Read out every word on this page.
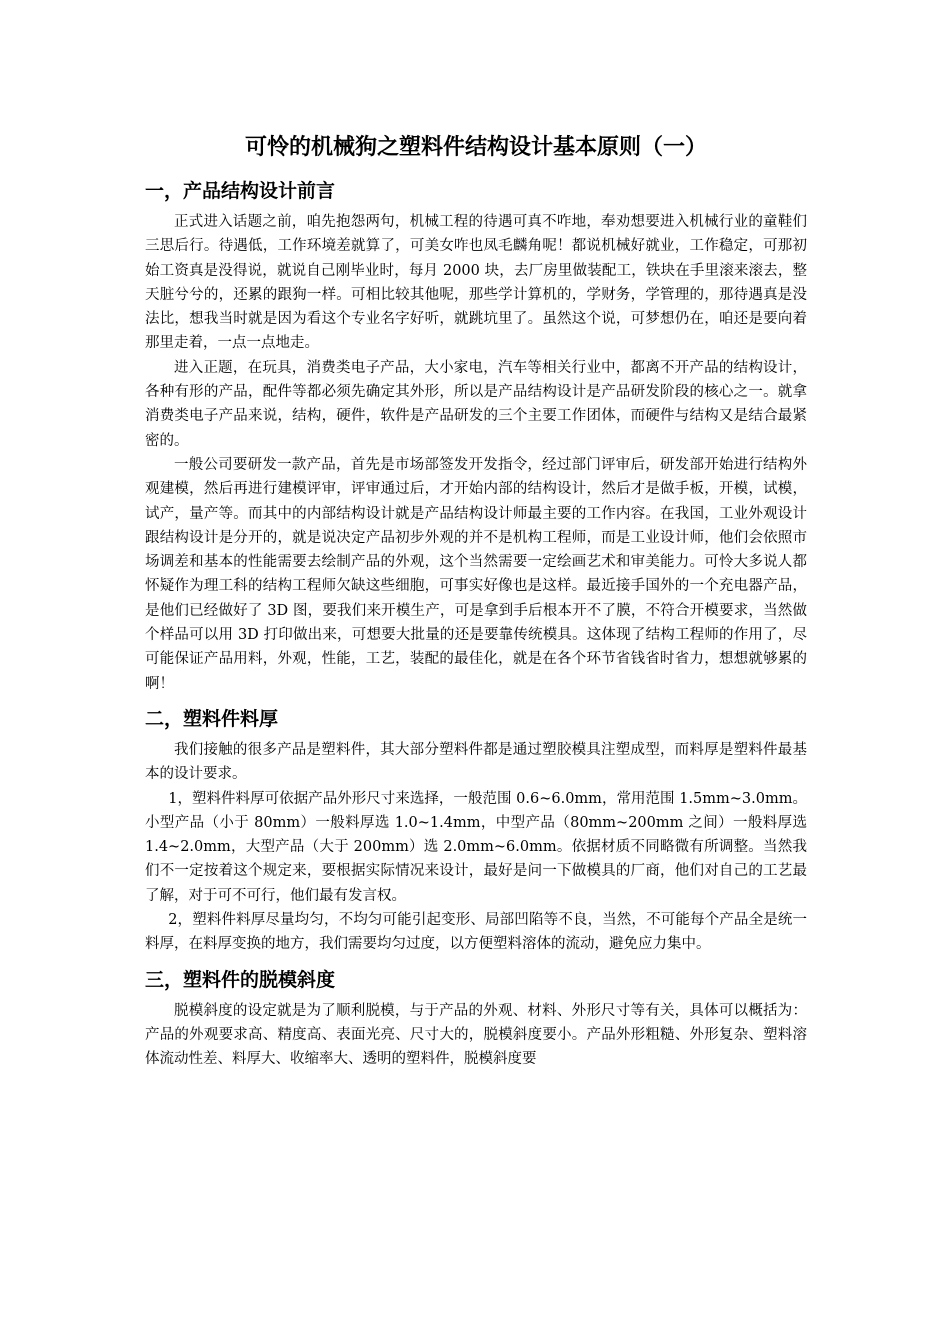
可怜的机械狗之塑料件结构设计基本原则（一）
一，产品结构设计前言

正式进入话题之前，咱先抱怨两句，机械工程的待遇可真不咋地，奉劝想要进入机械行业的童鞋们三思后行。待遇低，工作环境差就算了，可美女咋也凤毛麟角呢！都说机械好就业，工作稳定，可那初始工资真是没得说，就说自己刚毕业时，每月 2000 块，去厂房里做装配工，铁块在手里滚来滚去，整天脏兮兮的，还累的跟狗一样。可相比较其他呢，那些学计算机的，学财务，学管理的，那待遇真是没法比，想我当时就是因为看这个专业名字好听，就跳坑里了。虽然这个说，可梦想仍在，咱还是要向着那里走着，一点一点地走。

进入正题，在玩具，消费类电子产品，大小家电，汽车等相关行业中，都离不开产品的结构设计，各种有形的产品，配件等都必须先确定其外形，所以是产品结构设计是产品研发阶段的核心之一。就拿消费类电子产品来说，结构，硬件，软件是产品研发的三个主要工作团体，而硬件与结构又是结合最紧密的。

一般公司要研发一款产品，首先是市场部签发开发指令，经过部门评审后，研发部开始进行结构外观建模，然后再进行建模评审，评审通过后，才开始内部的结构设计，然后才是做手板，开模，试模，试产，量产等。而其中的内部结构设计就是产品结构设计师最主要的工作内容。在我国，工业外观设计跟结构设计是分开的，就是说决定产品初步外观的并不是机构工程师，而是工业设计师，他们会依照市场调差和基本的性能需要去绘制产品的外观，这个当然需要一定绘画艺术和审美能力。可怜大多说人都怀疑作为理工科的结构工程师欠缺这些细胞，可事实好像也是这样。最近接手国外的一个充电器产品，是他们已经做好了 3D 图，要我们来开模生产，可是拿到手后根本开不了膜，不符合开模要求，当然做个样品可以用 3D 打印做出来，可想要大批量的还是要靠传统模具。这体现了结构工程师的作用了，尽可能保证产品用料，外观，性能，工艺，装配的最佳化，就是在各个环节省钱省时省力，想想就够累的啊！

二，塑料件料厚

我们接触的很多产品是塑料件，其大部分塑料件都是通过塑胶模具注塑成型，而料厚是塑料件最基本的设计要求。

1，塑料件料厚可依据产品外形尺寸来选择，一般范围 0.6~6.0mm，常用范围 1.5mm~3.0mm。小型产品（小于 80mm）一般料厚选 1.0~1.4mm，中型产品（80mm~200mm 之间）一般料厚选 1.4~2.0mm，大型产品（大于 200mm）选 2.0mm~6.0mm。依据材质不同略微有所调整。当然我们不一定按着这个规定来，要根据实际情况来设计，最好是问一下做模具的厂商，他们对自己的工艺最了解，对于可不可行，他们最有发言权。

2，塑料件料厚尽量均匀，不均匀可能引起变形、局部凹陷等不良，当然，不可能每个产品全是统一料厚，在料厚变换的地方，我们需要均匀过度，以方便塑料溶体的流动，避免应力集中。

三，塑料件的脱模斜度

脱模斜度的设定就是为了顺利脱模，与于产品的外观、材料、外形尺寸等有关，具体可以概括为：产品的外观要求高、精度高、表面光亮、尺寸大的，脱模斜度要小。产品外形粗糙、外形复杂、塑料溶体流动性差、料厚大、收缩率大、透明的塑料件，脱模斜度要
